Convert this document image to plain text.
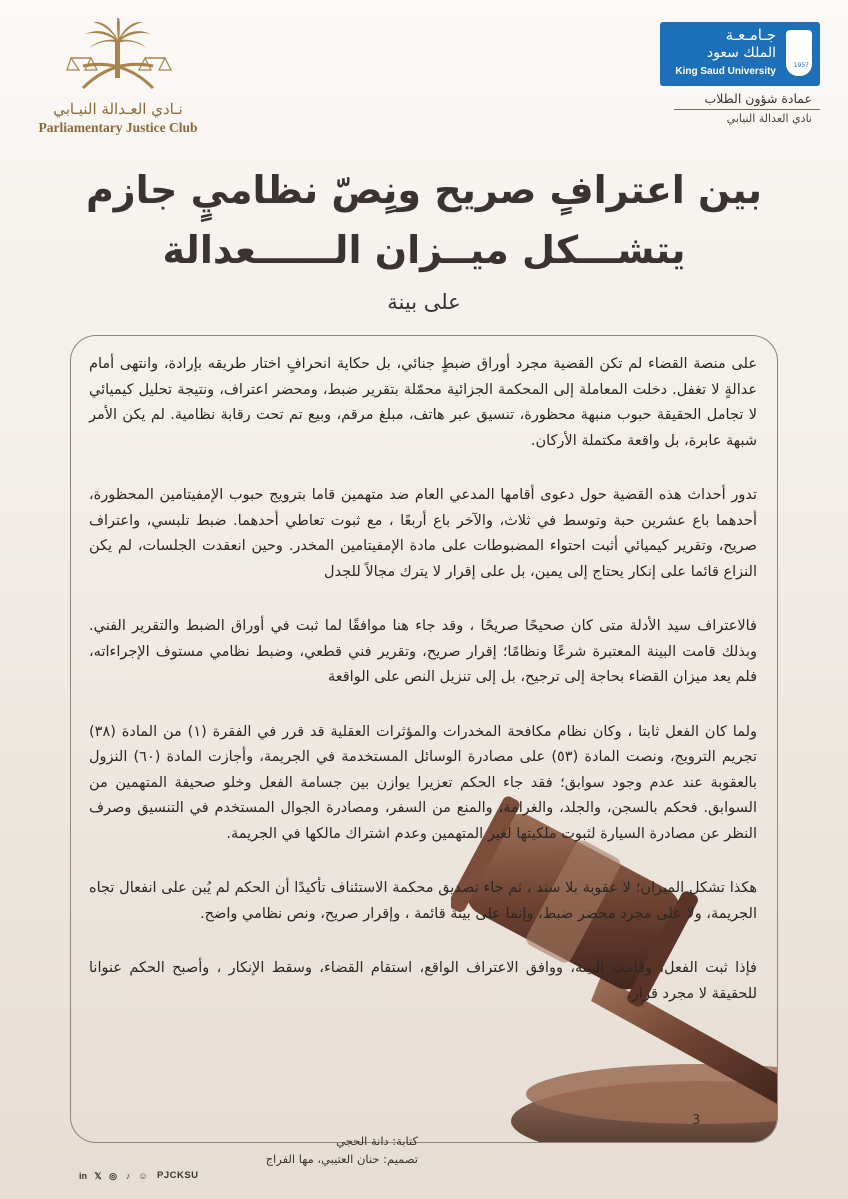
نـادي العـدالة النيـابي
Parliamentary Justice Club
1957
جـامـعـة
الملك سعود
King Saud University
عمادة شؤون الطلاب
نادي العدالة النيابي
بين اعترافٍ صريح ونٍصّ نظاميٍ جازم
يتشـــكل ميــزان الــــــعدالة
على بينة

على منصة القضاء لم تكن القضية مجرد أوراق ضبطٍ جنائي، بل حكاية انحرافٍ اختار طريقه بإرادة، وانتهى أمام عدالةٍ لا تغفل. دخلت المعاملة إلى المحكمة الجزائية محمّلة بتقرير ضبط، ومحضر اعتراف، ونتيجة تحليل كيميائي لا تجامل الحقيقة حبوب منبهة محظورة، تنسيق عبر هاتف، مبلغ مرقم، وبيع تم تحت رقابة نظامية. لم يكن الأمر شبهة عابرة، بل واقعة مكتملة الأركان.

تدور أحداث هذه القضية حول دعوى أقامها المدعي العام ضد متهمين قاما بترويج حبوب الإمفيتامين المحظورة، أحدهما باع عشرين حبة وتوسط في ثلاث، والآخر باع أربعًا ، مع ثبوت تعاطي أحدهما. ضبط تلبسي، واعتراف صريح، وتقرير كيميائي أثبت احتواء المضبوطات على مادة الإمفيتامين المخدر. وحين انعقدت الجلسات، لم يكن النزاع قائما على إنكار يحتاج إلى يمين، بل على إقرار لا يترك مجالاً للجدل

فالاعتراف سيد الأدلة متى كان صحيحًا صريحًا ، وقد جاء هنا موافقًا لما ثبت في أوراق الضبط والتقرير الفني. وبذلك قامت البينة المعتبرة شرعًا ونظامًا؛ إقرار صريح، وتقرير فني قطعي، وضبط نظامي مستوف الإجراءاته، فلم يعد ميزان القضاء بحاجة إلى ترجيح، بل إلى تنزيل النص على الواقعة

ولما كان الفعل ثابتا ، وكان نظام مكافحة المخدرات والمؤثرات العقلية قد قرر في الفقرة (١) من المادة (٣٨) تجريم الترويج، ونصت المادة (٥٣) على مصادرة الوسائل المستخدمة في الجريمة، وأجازت المادة (٦٠) النزول بالعقوبة عند عدم وجود سوابق؛ فقد جاء الحكم تعزيرا يوازن بين جسامة الفعل وخلو صحيفة المتهمين من السوابق. فحكم بالسجن، والجلد، والغرامة، والمنع من السفر، ومصادرة الجوال المستخدم في التنسيق وصرف النظر عن مصادرة السيارة لثبوت ملكيتها لغير المتهمين وعدم اشتراك مالكها في الجريمة.

هكذا تشكل الميزان؛ لا عقوبة بلا سند ، ثم جاء تصديق محكمة الاستئناف تأكيدًا أن الحكم لم يُبن على انفعال تجاه الجريمة، ولا على مجرد محضر ضبط، وإنما على بينة قائمة ، وإقرار صريح، ونص نظامي واضح.

فإذا ثبت الفعل، وقامت البينة، ووافق الاعتراف الواقع، استقام القضاء، وسقط الإنكار ، وأصبح الحكم عنوانا للحقيقة لا مجرد قرار.

3
كتابة: دانة الحجي
تصميم: حنان العتيبي، مها الفراج
in 𝕏 ◎ ♪ ☺ PJCKSU
